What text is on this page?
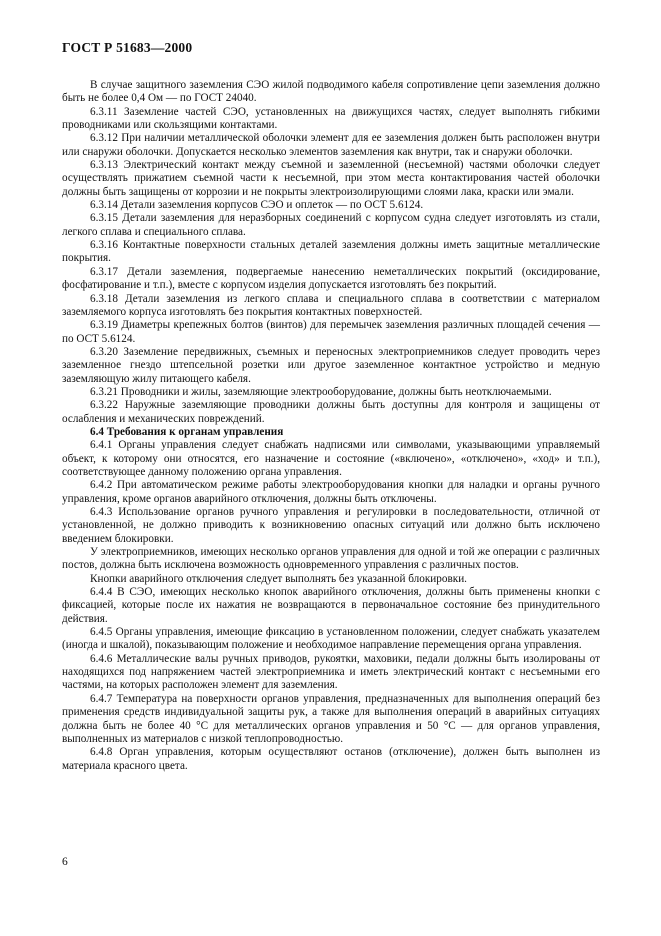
ГОСТ Р 51683—2000

В случае защитного заземления СЭО жилой подводимого кабеля сопротивление цепи заземления должно быть не более 0,4 Ом — по ГОСТ 24040.

6.3.11 Заземление частей СЭО, установленных на движущихся частях, следует выполнять гибкими проводниками или скользящими контактами.

6.3.12 При наличии металлической оболочки элемент для ее заземления должен быть расположен внутри или снаружи оболочки. Допускается несколько элементов заземления как внутри, так и снаружи оболочки.

6.3.13 Электрический контакт между съемной и заземленной (несъемной) частями оболочки следует осуществлять прижатием съемной части к несъемной, при этом места контактирования частей оболочки должны быть защищены от коррозии и не покрыты электроизолирующими слоями лака, краски или эмали.

6.3.14 Детали заземления корпусов СЭО и оплеток — по ОСТ 5.6124.

6.3.15 Детали заземления для неразборных соединений с корпусом судна следует изготовлять из стали, легкого сплава и специального сплава.

6.3.16 Контактные поверхности стальных деталей заземления должны иметь защитные металлические покрытия.

6.3.17 Детали заземления, подвергаемые нанесению неметаллических покрытий (оксидирование, фосфатирование и т.п.), вместе с корпусом изделия допускается изготовлять без покрытий.

6.3.18 Детали заземления из легкого сплава и специального сплава в соответствии с материалом заземляемого корпуса изготовлять без покрытия контактных поверхностей.

6.3.19 Диаметры крепежных болтов (винтов) для перемычек заземления различных площадей сечения — по ОСТ 5.6124.

6.3.20 Заземление передвижных, съемных и переносных электроприемников следует проводить через заземленное гнездо штепсельной розетки или другое заземленное контактное устройство и медную заземляющую жилу питающего кабеля.

6.3.21 Проводники и жилы, заземляющие электрооборудование, должны быть неотключаемыми.

6.3.22 Наружные заземляющие проводники должны быть доступны для контроля и защищены от ослабления и механических повреждений.

6.4 Требования к органам управления

6.4.1 Органы управления следует снабжать надписями или символами, указывающими управляемый объект, к которому они относятся, его назначение и состояние («включено», «отключено», «ход» и т.п.), соответствующее данному положению органа управления.

6.4.2 При автоматическом режиме работы электрооборудования кнопки для наладки и органы ручного управления, кроме органов аварийного отключения, должны быть отключены.

6.4.3 Использование органов ручного управления и регулировки в последовательности, отличной от установленной, не должно приводить к возникновению опасных ситуаций или должно быть исключено введением блокировки.

У электроприемников, имеющих несколько органов управления для одной и той же операции с различных постов, должна быть исключена возможность одновременного управления с различных постов.

Кнопки аварийного отключения следует выполнять без указанной блокировки.

6.4.4 В СЭО, имеющих несколько кнопок аварийного отключения, должны быть применены кнопки с фиксацией, которые после их нажатия не возвращаются в первоначальное состояние без принудительного действия.

6.4.5 Органы управления, имеющие фиксацию в установленном положении, следует снабжать указателем (иногда и шкалой), показывающим положение и необходимое направление перемещения органа управления.

6.4.6 Металлические валы ручных приводов, рукоятки, маховики, педали должны быть изолированы от находящихся под напряжением частей электроприемника и иметь электрический контакт с несъемными его частями, на которых расположен элемент для заземления.

6.4.7 Температура на поверхности органов управления, предназначенных для выполнения операций без применения средств индивидуальной защиты рук, а также для выполнения операций в аварийных ситуациях должна быть не более 40 °С для металлических органов управления и 50 °С — для органов управления, выполненных из материалов с низкой теплопроводностью.

6.4.8 Орган управления, которым осуществляют останов (отключение), должен быть выполнен из материала красного цвета.

6
